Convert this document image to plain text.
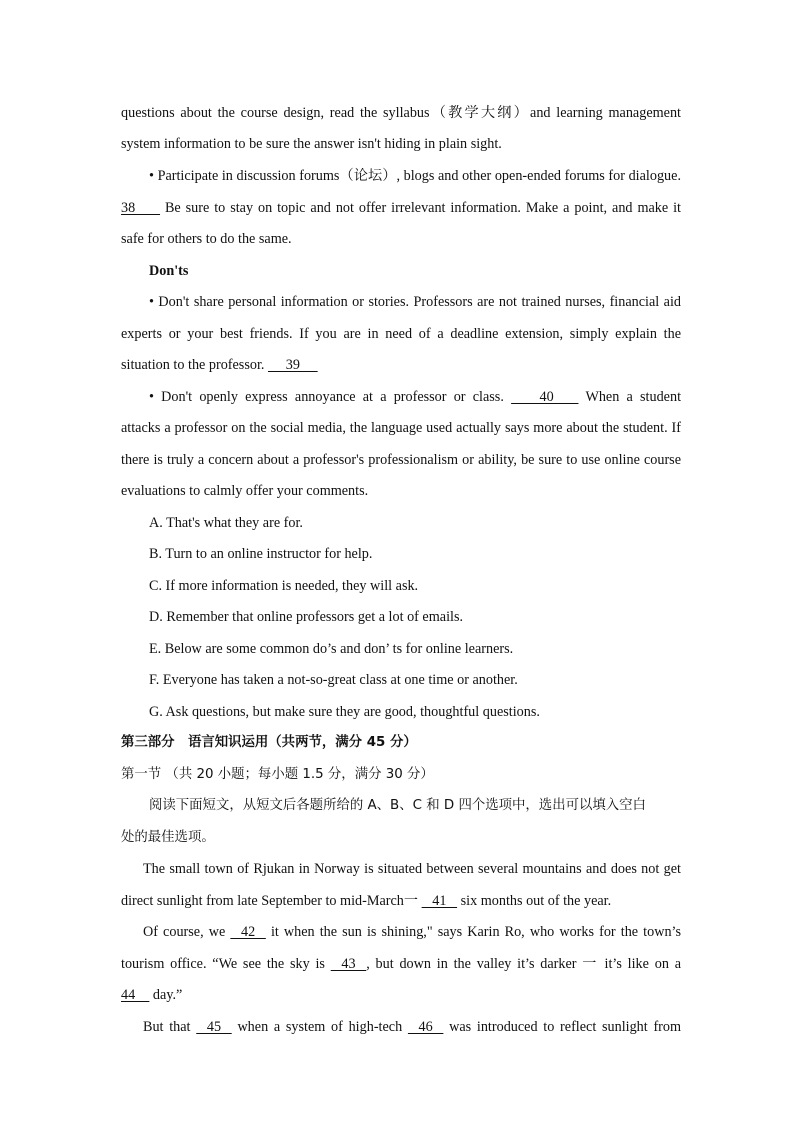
questions about the course design, read the syllabus（教学大纲）and learning management
system information to be sure the answer isn't hiding in plain sight.
• Participate in discussion forums（论坛）, blogs and other open-ended forums for dialogue.
38        Be sure to stay on topic and not offer irrelevant information. Make a point, and make it
safe for others to do the same.
Don'ts
• Don't share personal information or stories. Professors are not trained nurses, financial aid
experts or your best friends. If you are in need of a deadline extension, simply explain the
situation to the professor.      39
• Don't openly express annoyance at a professor or class.         40        When a student
attacks a professor on the social media, the language used actually says more about the student. If
there is truly a concern about a professor's professionalism or ability, be sure to use online course
evaluations to calmly offer your comments.
A. That's what they are for.
B. Turn to an online instructor for help.
C. If more information is needed, they will ask.
D. Remember that online professors get a lot of emails.
E. Below are some common do’s and don’ ts for online learners.
F. Everyone has taken a not-so-great class at one time or another.
G. Ask questions, but make sure they are good, thoughtful questions.
第三部分　语言知识运用（共两节，满分 45 分）
第一节 （共 20 小题；每小题 1.5 分，满分 30 分）
阅读下面短文，从短文后各题所给的 A、B、C 和 D 四个选项中，选出可以填入空白
处的最佳选项。
The small town of Rjukan in Norway is situated between several mountains and does not get
direct sunlight from late September to mid-March一    41    six months out of the year.
Of course, we    42    it when the sun is shining," says Karin Ro, who works for the town’s
tourism office. “We see the sky is    43   , but down in the valley it’s darker 一 it’s like on a
44     day.”
But that    45    when a system of high-tech    46    was introduced to reflect sunlight from
